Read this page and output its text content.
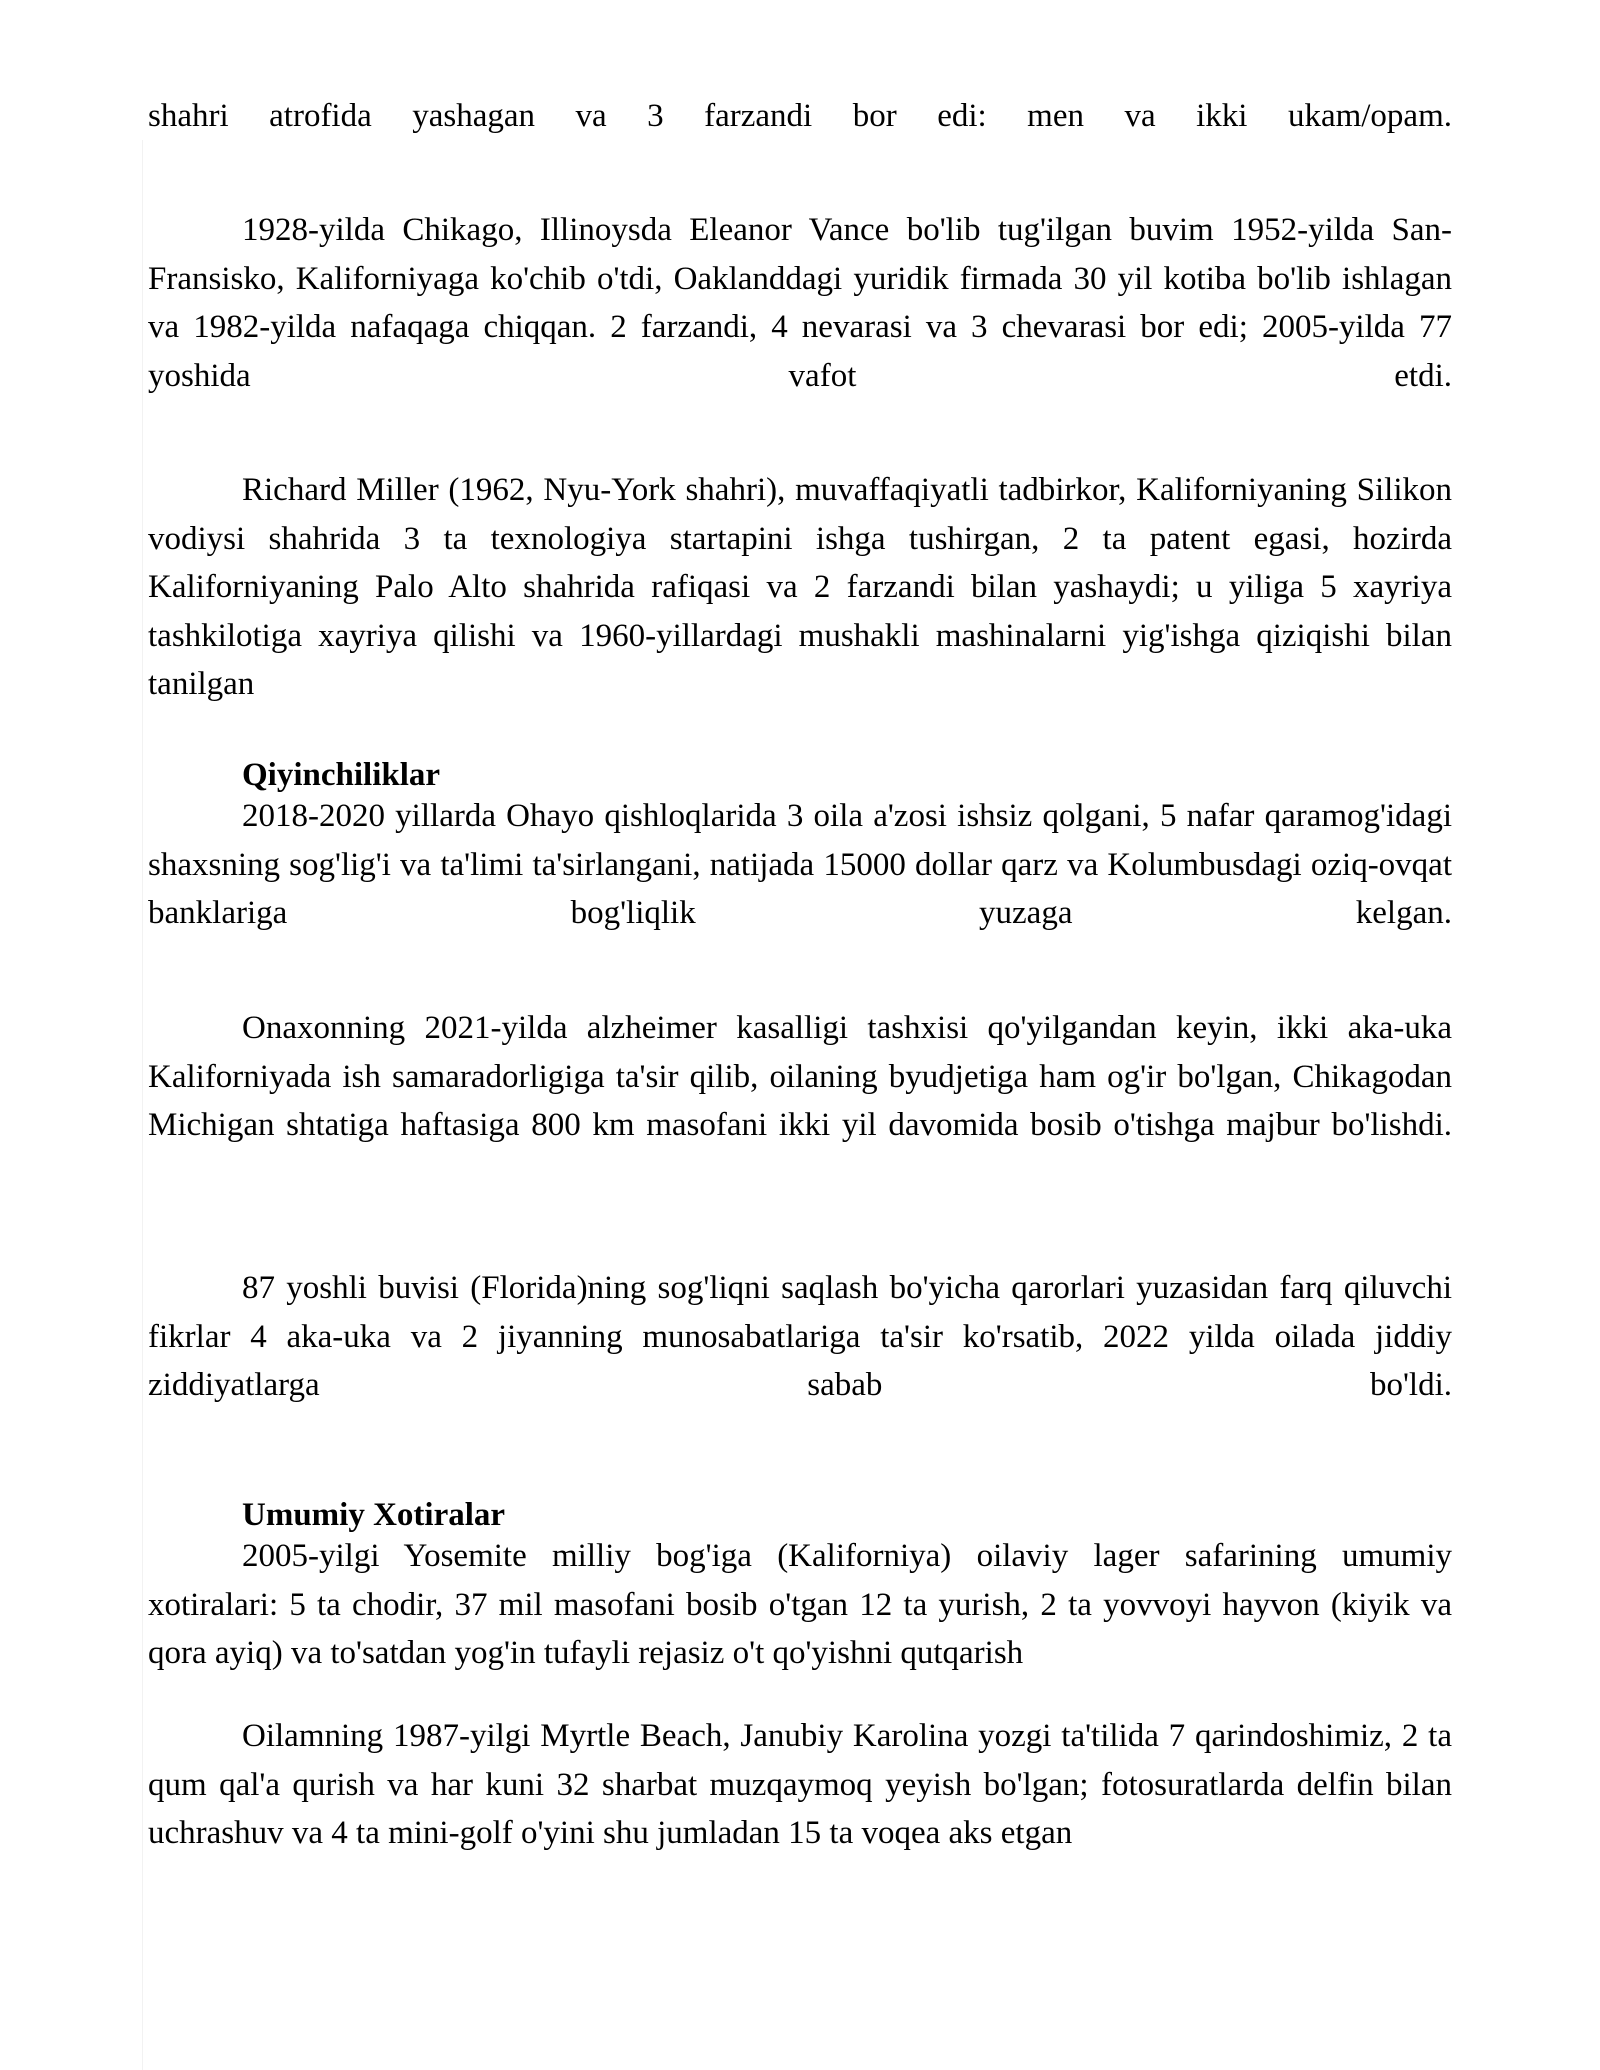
shahri atrofida yashagan va 3 farzandi bor edi: men va ikki ukam/opam.

1928-yilda Chikago, Illinoysda Eleanor Vance bo'lib tug'ilgan buvim 1952-yilda San-Fransisko, Kaliforniyaga ko'chib o'tdi, Oaklanddagi yuridik firmada 30 yil kotiba bo'lib ishlagan va 1982-yilda nafaqaga chiqqan. 2 farzandi, 4 nevarasi va 3 chevarasi bor edi; 2005-yilda 77 yoshida vafot etdi.

Richard Miller (1962, Nyu-York shahri), muvaffaqiyatli tadbirkor, Kaliforniyaning Silikon vodiysi shahrida 3 ta texnologiya startapini ishga tushirgan, 2 ta patent egasi, hozirda Kaliforniyaning Palo Alto shahrida rafiqasi va 2 farzandi bilan yashaydi; u yiliga 5 xayriya tashkilotiga xayriya qilishi va 1960-yillardagi mushakli mashinalarni yig'ishga qiziqishi bilan tanilgan

Qiyinchiliklar

2018-2020 yillarda Ohayo qishloqlarida 3 oila a'zosi ishsiz qolgani, 5 nafar qaramog'idagi shaxsning sog'lig'i va ta'limi ta'sirlangani, natijada 15000 dollar qarz va Kolumbusdagi oziq-ovqat banklariga bog'liqlik yuzaga kelgan.

Onaxonning 2021-yilda alzheimer kasalligi tashxisi qo'yilgandan keyin, ikki aka-uka Kaliforniyada ish samaradorligiga ta'sir qilib, oilaning byudjetiga ham og'ir bo'lgan, Chikagodan Michigan shtatiga haftasiga 800 km masofani ikki yil davomida bosib o'tishga majbur bo'lishdi.

87 yoshli buvisi (Florida)ning sog'liqni saqlash bo'yicha qarorlari yuzasidan farq qiluvchi fikrlar 4 aka-uka va 2 jiyanning munosabatlariga ta'sir ko'rsatib, 2022 yilda oilada jiddiy ziddiyatlarga sabab bo'ldi.

Umumiy Xotiralar

2005-yilgi Yosemite milliy bog'iga (Kaliforniya) oilaviy lager safarining umumiy xotiralari: 5 ta chodir, 37 mil masofani bosib o'tgan 12 ta yurish, 2 ta yovvoyi hayvon (kiyik va qora ayiq) va to'satdan yog'in tufayli rejasiz o't qo'yishni qutqarish

Oilamning 1987-yilgi Myrtle Beach, Janubiy Karolina yozgi ta'tilida 7 qarindoshimiz, 2 ta qum qal'a qurish va har kuni 32 sharbat muzqaymoq yeyish bo'lgan; fotosuratlarda delfin bilan uchrashuv va 4 ta mini-golf o'yini shu jumladan 15 ta voqea aks etgan
